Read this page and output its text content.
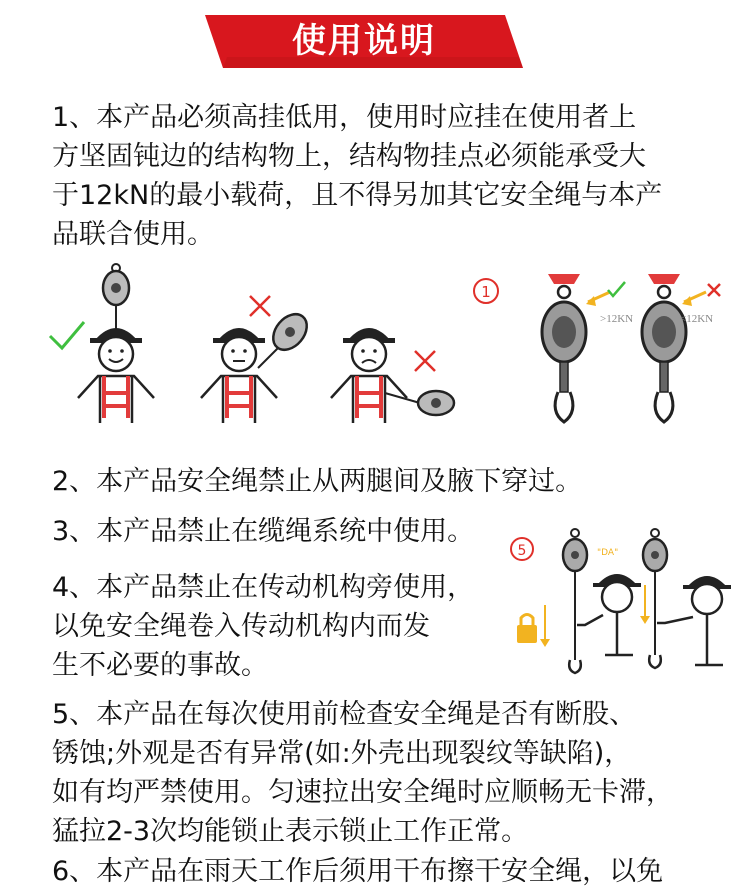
使用说明
1、本产品必须高挂低用，使用时应挂在使用者上
方坚固钝边的结构物上，结构物挂点必须能承受大
于12kN的最小载荷，且不得另加其它安全绳与本产
品联合使用。
1
>12KN	<12KN
2、本产品安全绳禁止从两腿间及腋下穿过。
3、本产品禁止在缆绳系统中使用。
4、本产品禁止在传动机构旁使用，
以免安全绳卷入传动机构内而发
生不必要的事故。
5	"DA"
5、本产品在每次使用前检查安全绳是否有断股、
锈蚀;外观是否有异常(如:外壳出现裂纹等缺陷)，
如有均严禁使用。匀速拉出安全绳时应顺畅无卡滞，
猛拉2-3次均能锁止表示锁止工作正常。
6、本产品在雨天工作后须用干布擦干安全绳，以免
